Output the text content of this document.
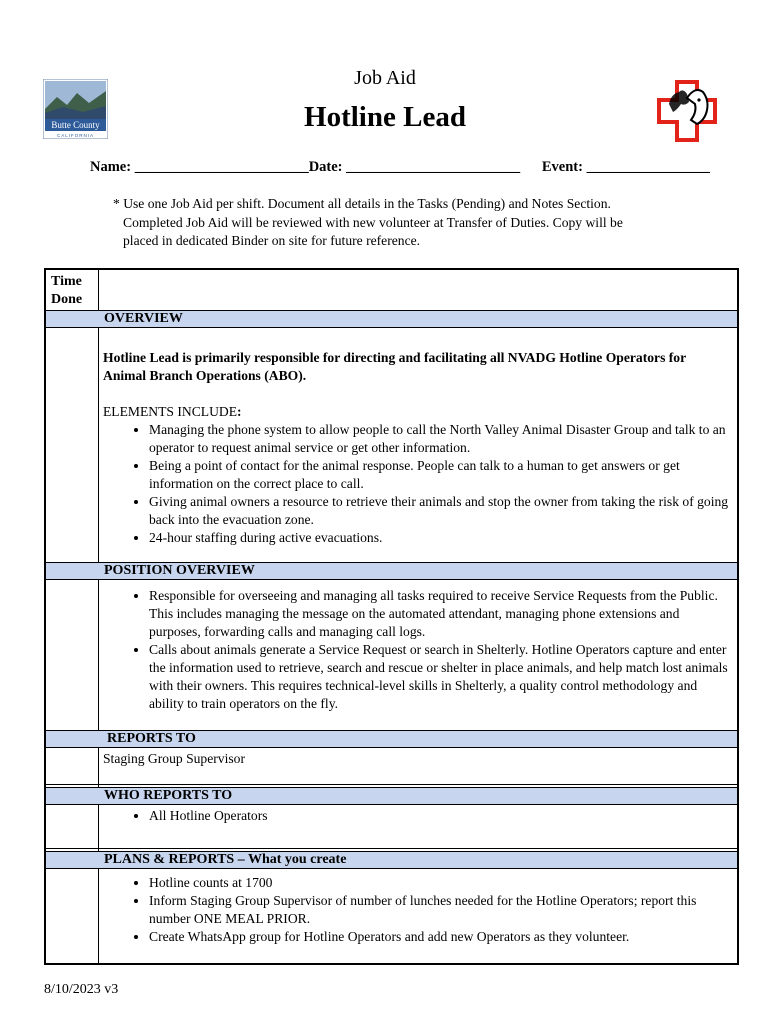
Butte County
CALIFORNIA
Job Aid
Hotline Lead
Name: ________________________Date: ________________________      Event: _________________
* Use one Job Aid per shift. Document all details in the Tasks (Pending) and Notes Section.
Completed Job Aid will be reviewed with new volunteer at Transfer of Duties. Copy will be
placed in dedicated Binder on site for future reference.
Time
Done
OVERVIEW
Hotline Lead is primarily responsible for directing and facilitating all NVADG Hotline Operators for Animal Branch Operations (ABO).
ELEMENTS INCLUDE:
• Managing the phone system to allow people to call the North Valley Animal Disaster Group and talk to an operator to request animal service or get other information.
• Being a point of contact for the animal response. People can talk to a human to get answers or get information on the correct place to call.
• Giving animal owners a resource to retrieve their animals and stop the owner from taking the risk of going back into the evacuation zone.
• 24-hour staffing during active evacuations.
POSITION OVERVIEW
• Responsible for overseeing and managing all tasks required to receive Service Requests from the Public. This includes managing the message on the automated attendant, managing phone extensions and purposes, forwarding calls and managing call logs.
• Calls about animals generate a Service Request or search in Shelterly. Hotline Operators capture and enter the information used to retrieve, search and rescue or shelter in place animals, and help match lost animals with their owners. This requires technical-level skills in Shelterly, a quality control methodology and ability to train operators on the fly.
REPORTS TO
Staging Group Supervisor
WHO REPORTS TO
• All Hotline Operators
PLANS & REPORTS – What you create
• Hotline counts at 1700
• Inform Staging Group Supervisor of number of lunches needed for the Hotline Operators; report this number ONE MEAL PRIOR.
• Create WhatsApp group for Hotline Operators and add new Operators as they volunteer.
8/10/2023 v3
